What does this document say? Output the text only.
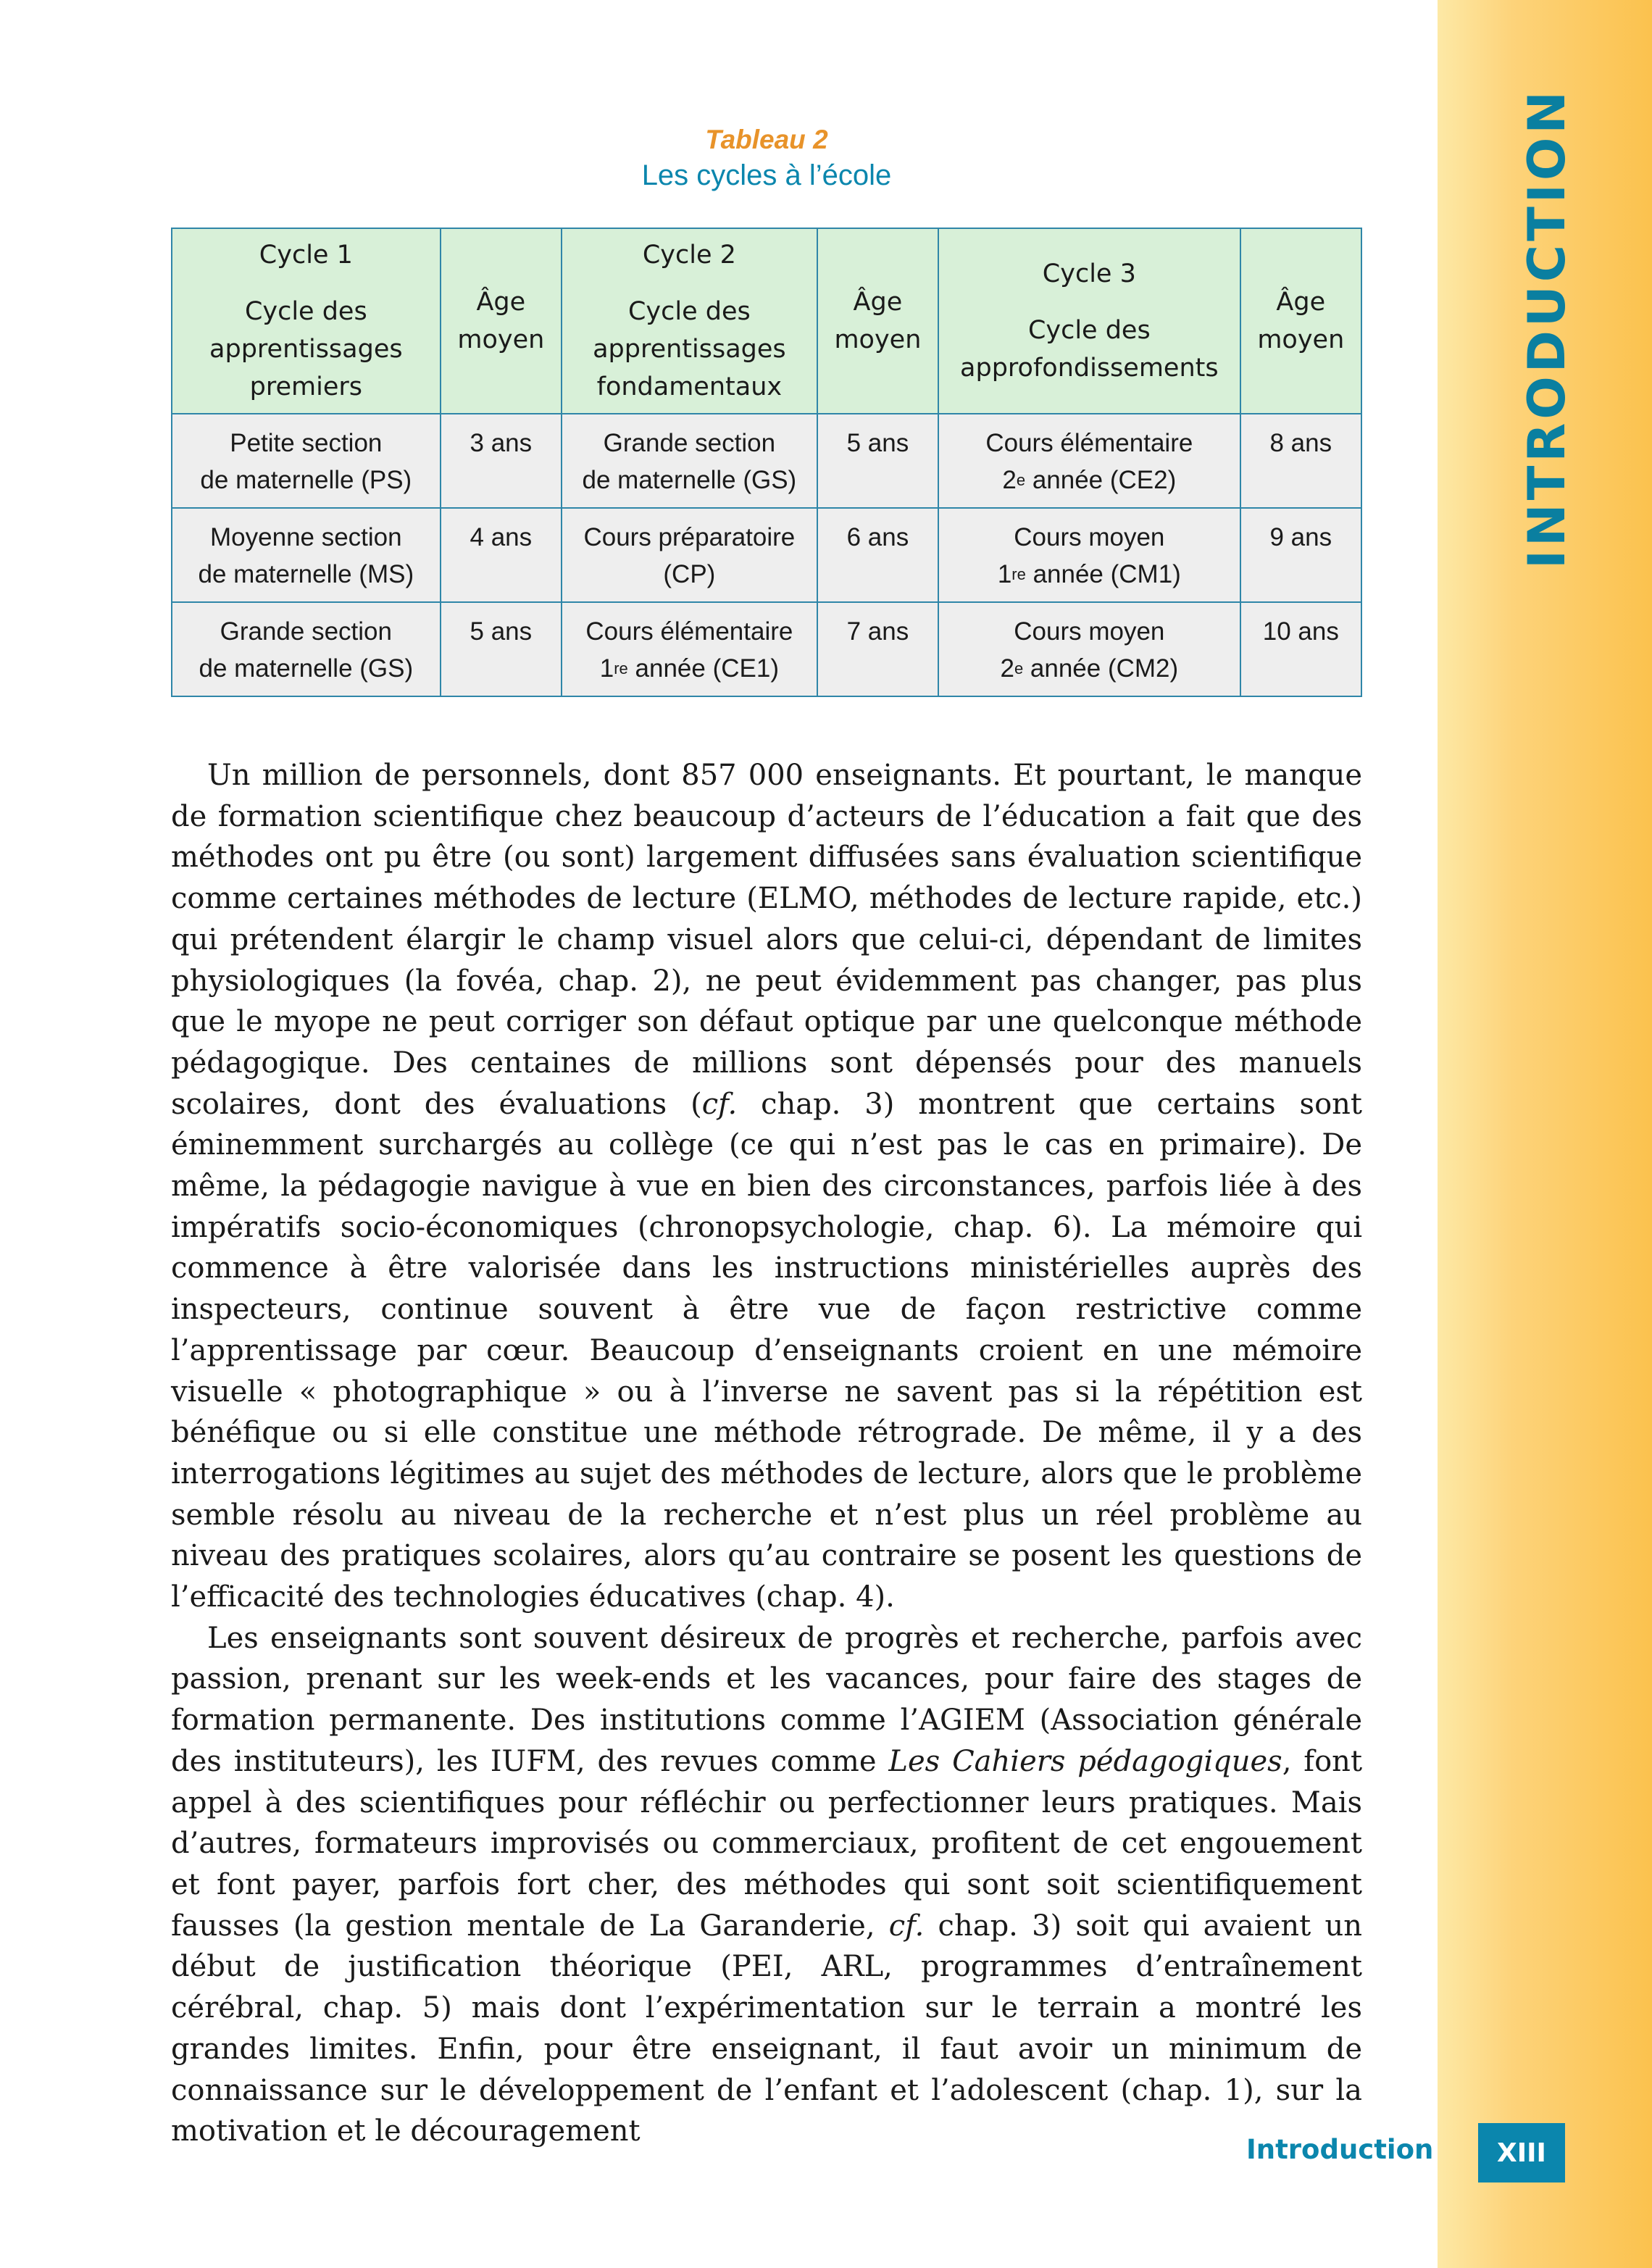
INTRODUCTION
Tableau 2
Les cycles à l’école
Cycle 1
Cycle des
apprentissages
premiers	Âge
moyen	Cycle 2
Cycle des
apprentissages
fondamentaux	Âge
moyen	Cycle 3
Cycle des
approfondissements	Âge
moyen

Petite section
de maternelle (PS)	3 ans	Grande section
de maternelle (GS)	5 ans	Cours élémentaire
2e année (CE2)	8 ans

Moyenne section
de maternelle (MS)	4 ans	Cours préparatoire
(CP)	6 ans	Cours moyen
1re année (CM1)	9 ans

Grande section
de maternelle (GS)	5 ans	Cours élémentaire
1re année (CE1)	7 ans	Cours moyen
2e année (CM2)	10 ans

Un million de personnels, dont 857 000 enseignants. Et pourtant, le manque de formation scientifique chez beaucoup d’acteurs de l’éducation a fait que des méthodes ont pu être (ou sont) largement diffusées sans évaluation scientifique comme certaines méthodes de lecture (ELMO, méthodes de lecture rapide, etc.) qui prétendent élargir le champ visuel alors que celui-ci, dépendant de limites physiologiques (la fovéa, chap. 2), ne peut évidemment pas changer, pas plus que le myope ne peut corriger son défaut optique par une quelconque méthode pédagogique. Des centaines de millions sont dépensés pour des manuels scolaires, dont des évaluations (cf. chap. 3) montrent que certains sont éminemment surchargés au collège (ce qui n’est pas le cas en primaire). De même, la pédagogie navigue à vue en bien des circonstances, parfois liée à des impératifs socio-économiques (chronopsychologie, chap. 6). La mémoire qui commence à être valorisée dans les instructions ministérielles auprès des inspecteurs, continue souvent à être vue de façon restrictive comme l’apprentissage par cœur. Beaucoup d’enseignants croient en une mémoire visuelle « photographique » ou à l’inverse ne savent pas si la répétition est bénéfique ou si elle constitue une méthode rétrograde. De même, il y a des interrogations légitimes au sujet des méthodes de lecture, alors que le problème semble résolu au niveau de la recherche et n’est plus un réel problème au niveau des pratiques scolaires, alors qu’au contraire se posent les questions de l’efficacité des technologies éducatives (chap. 4).

Les enseignants sont souvent désireux de progrès et recherche, parfois avec passion, prenant sur les week-ends et les vacances, pour faire des stages de formation permanente. Des institutions comme l’AGIEM (Association générale des instituteurs), les IUFM, des revues comme Les Cahiers pédagogiques, font appel à des scientifiques pour réfléchir ou perfectionner leurs pratiques. Mais d’autres, formateurs improvisés ou commerciaux, profitent de cet engouement et font payer, parfois fort cher, des méthodes qui sont soit scientifiquement fausses (la gestion mentale de La Garanderie, cf. chap. 3) soit qui avaient un début de justification théorique (PEI, ARL, programmes d’entraînement cérébral, chap. 5) mais dont l’expérimentation sur le terrain a montré les grandes limites. Enfin, pour être enseignant, il faut avoir un minimum de connaissance sur le développement de l’enfant et l’adolescent (chap. 1), sur la motivation et le découragement

Introduction	XIII
